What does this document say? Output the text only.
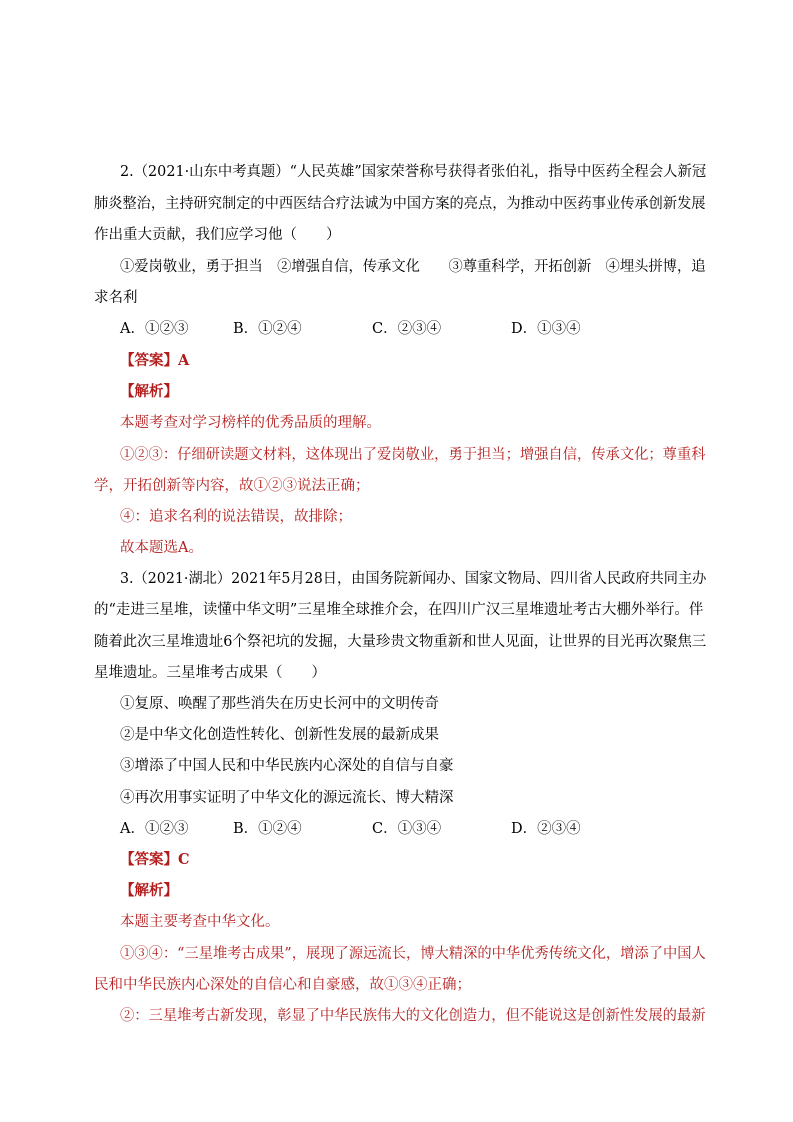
2.（2021·山东中考真题）“人民英雄”国家荣誉称号获得者张伯礼，指导中医药全程会人新冠
肺炎整治，主持研究制定的中西医结合疗法诚为中国方案的亮点，为推动中医药事业传承创新发展
作出重大贡献，我们应学习他（　　）
①爱岗敬业，勇于担当　②增强自信，传承文化　　③尊重科学，开拓创新　④埋头拼博，追
求名利
A．①②③	B．①②④	C．②③④	D．①③④
【答案】A
【解析】
本题考查对学习榜样的优秀品质的理解。
①②③：仔细研读题文材料，这体现出了爱岗敬业，勇于担当；增强自信，传承文化；尊重科
学，开拓创新等内容，故①②③说法正确；
④：追求名利的说法错误，故排除；
故本题选A。
3.（2021·湖北）2021年5月28日，由国务院新闻办、国家文物局、四川省人民政府共同主办
的“走进三星堆，读懂中华文明”三星堆全球推介会，在四川广汉三星堆遗址考古大棚外举行。伴
随着此次三星堆遗址6个祭祀坑的发掘，大量珍贵文物重新和世人见面，让世界的目光再次聚焦三
星堆遗址。三星堆考古成果（　　）
①复原、唤醒了那些消失在历史长河中的文明传奇
②是中华文化创造性转化、创新性发展的最新成果
③增添了中国人民和中华民族内心深处的自信与自豪
④再次用事实证明了中华文化的源远流长、博大精深
A．①②③	B．①②④	C．①③④	D．②③④
【答案】C
【解析】
本题主要考查中华文化。
①③④：“三星堆考古成果”，展现了源远流长，博大精深的中华优秀传统文化，增添了中国人
民和中华民族内心深处的自信心和自豪感，故①③④正确；
②：三星堆考古新发现，彰显了中华民族伟大的文化创造力，但不能说这是创新性发展的最新
